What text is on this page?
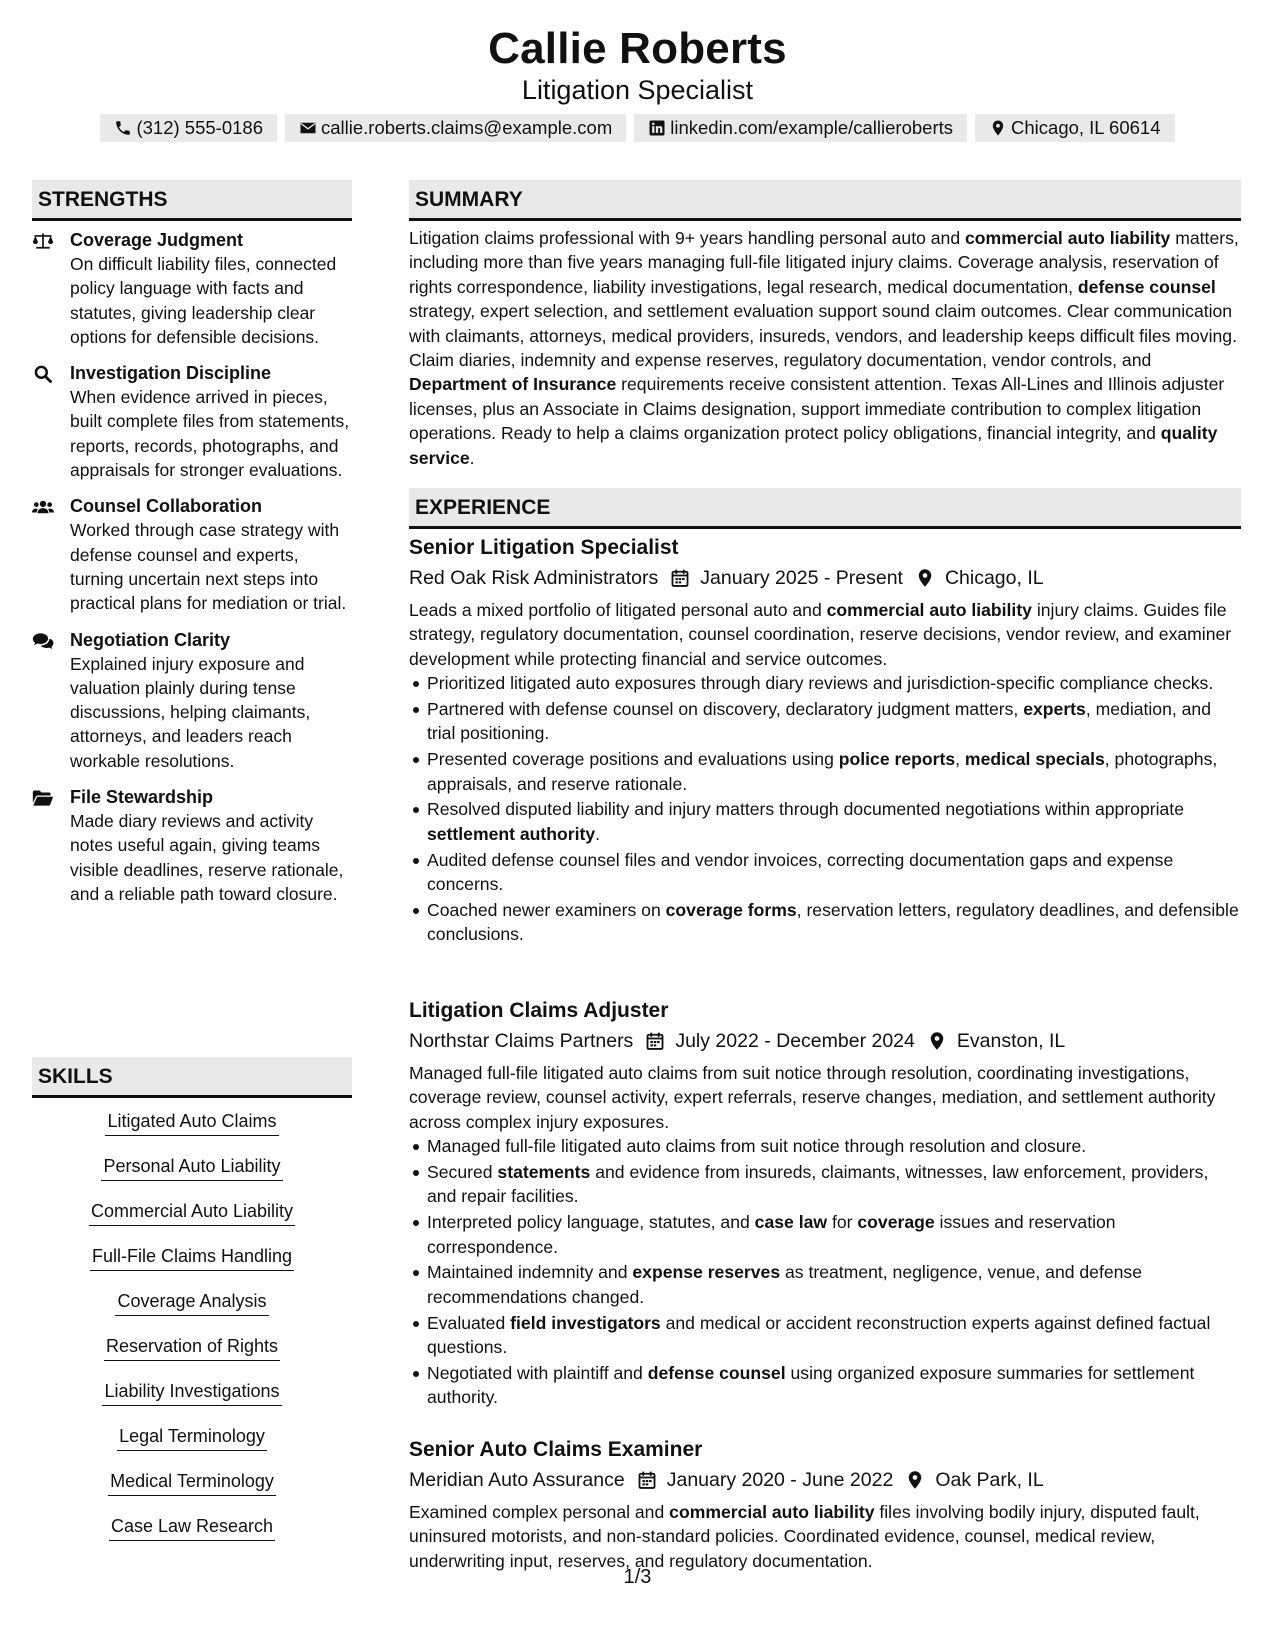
Callie Roberts
Litigation Specialist
(312) 555-0186	callie.roberts.claims@example.com	linkedin.com/example/callieroberts	Chicago, IL 60614
STRENGTHS
Coverage Judgment
On difficult liability files, connected policy language with facts and statutes, giving leadership clear options for defensible decisions.
Investigation Discipline
When evidence arrived in pieces, built complete files from statements, reports, records, photographs, and appraisals for stronger evaluations.
Counsel Collaboration
Worked through case strategy with defense counsel and experts, turning uncertain next steps into practical plans for mediation or trial.
Negotiation Clarity
Explained injury exposure and valuation plainly during tense discussions, helping claimants, attorneys, and leaders reach workable resolutions.
File Stewardship
Made diary reviews and activity notes useful again, giving teams visible deadlines, reserve rationale, and a reliable path toward closure.
SKILLS
Litigated Auto Claims
Personal Auto Liability
Commercial Auto Liability
Full-File Claims Handling
Coverage Analysis
Reservation of Rights
Liability Investigations
Legal Terminology
Medical Terminology
Case Law Research
SUMMARY

Litigation claims professional with 9+ years handling personal auto and commercial auto liability matters, including more than five years managing full-file litigated injury claims. Coverage analysis, reservation of rights correspondence, liability investigations, legal research, medical documentation, defense counsel strategy, expert selection, and settlement evaluation support sound claim outcomes. Clear communication with claimants, attorneys, medical providers, insureds, vendors, and leadership keeps difficult files moving. Claim diaries, indemnity and expense reserves, regulatory documentation, vendor controls, and Department of Insurance requirements receive consistent attention. Texas All-Lines and Illinois adjuster licenses, plus an Associate in Claims designation, support immediate contribution to complex litigation operations. Ready to help a claims organization protect policy obligations, financial integrity, and quality service.

EXPERIENCE
Senior Litigation Specialist
Red Oak Risk Administrators January 2025 - Present Chicago, IL

Leads a mixed portfolio of litigated personal auto and commercial auto liability injury claims. Guides file strategy, regulatory documentation, counsel coordination, reserve decisions, vendor review, and examiner development while protecting financial and service outcomes.

Prioritized litigated auto exposures through diary reviews and jurisdiction-specific compliance checks.
Partnered with defense counsel on discovery, declaratory judgment matters, experts, mediation, and trial positioning.
Presented coverage positions and evaluations using police reports, medical specials, photographs, appraisals, and reserve rationale.
Resolved disputed liability and injury matters through documented negotiations within appropriate settlement authority.
Audited defense counsel files and vendor invoices, correcting documentation gaps and expense concerns.
Coached newer examiners on coverage forms, reservation letters, regulatory deadlines, and defensible conclusions.
Litigation Claims Adjuster
Northstar Claims Partners July 2022 - December 2024 Evanston, IL

Managed full-file litigated auto claims from suit notice through resolution, coordinating investigations, coverage review, counsel activity, expert referrals, reserve changes, mediation, and settlement authority across complex injury exposures.

Managed full-file litigated auto claims from suit notice through resolution and closure.
Secured statements and evidence from insureds, claimants, witnesses, law enforcement, providers, and repair facilities.
Interpreted policy language, statutes, and case law for coverage issues and reservation correspondence.
Maintained indemnity and expense reserves as treatment, negligence, venue, and defense recommendations changed.
Evaluated field investigators and medical or accident reconstruction experts against defined factual questions.
Negotiated with plaintiff and defense counsel using organized exposure summaries for settlement authority.
Senior Auto Claims Examiner
Meridian Auto Assurance January 2020 - June 2022 Oak Park, IL

Examined complex personal and commercial auto liability files involving bodily injury, disputed fault, uninsured motorists, and non-standard policies. Coordinated evidence, counsel, medical review, underwriting input, reserves, and regulatory documentation.

1/3
